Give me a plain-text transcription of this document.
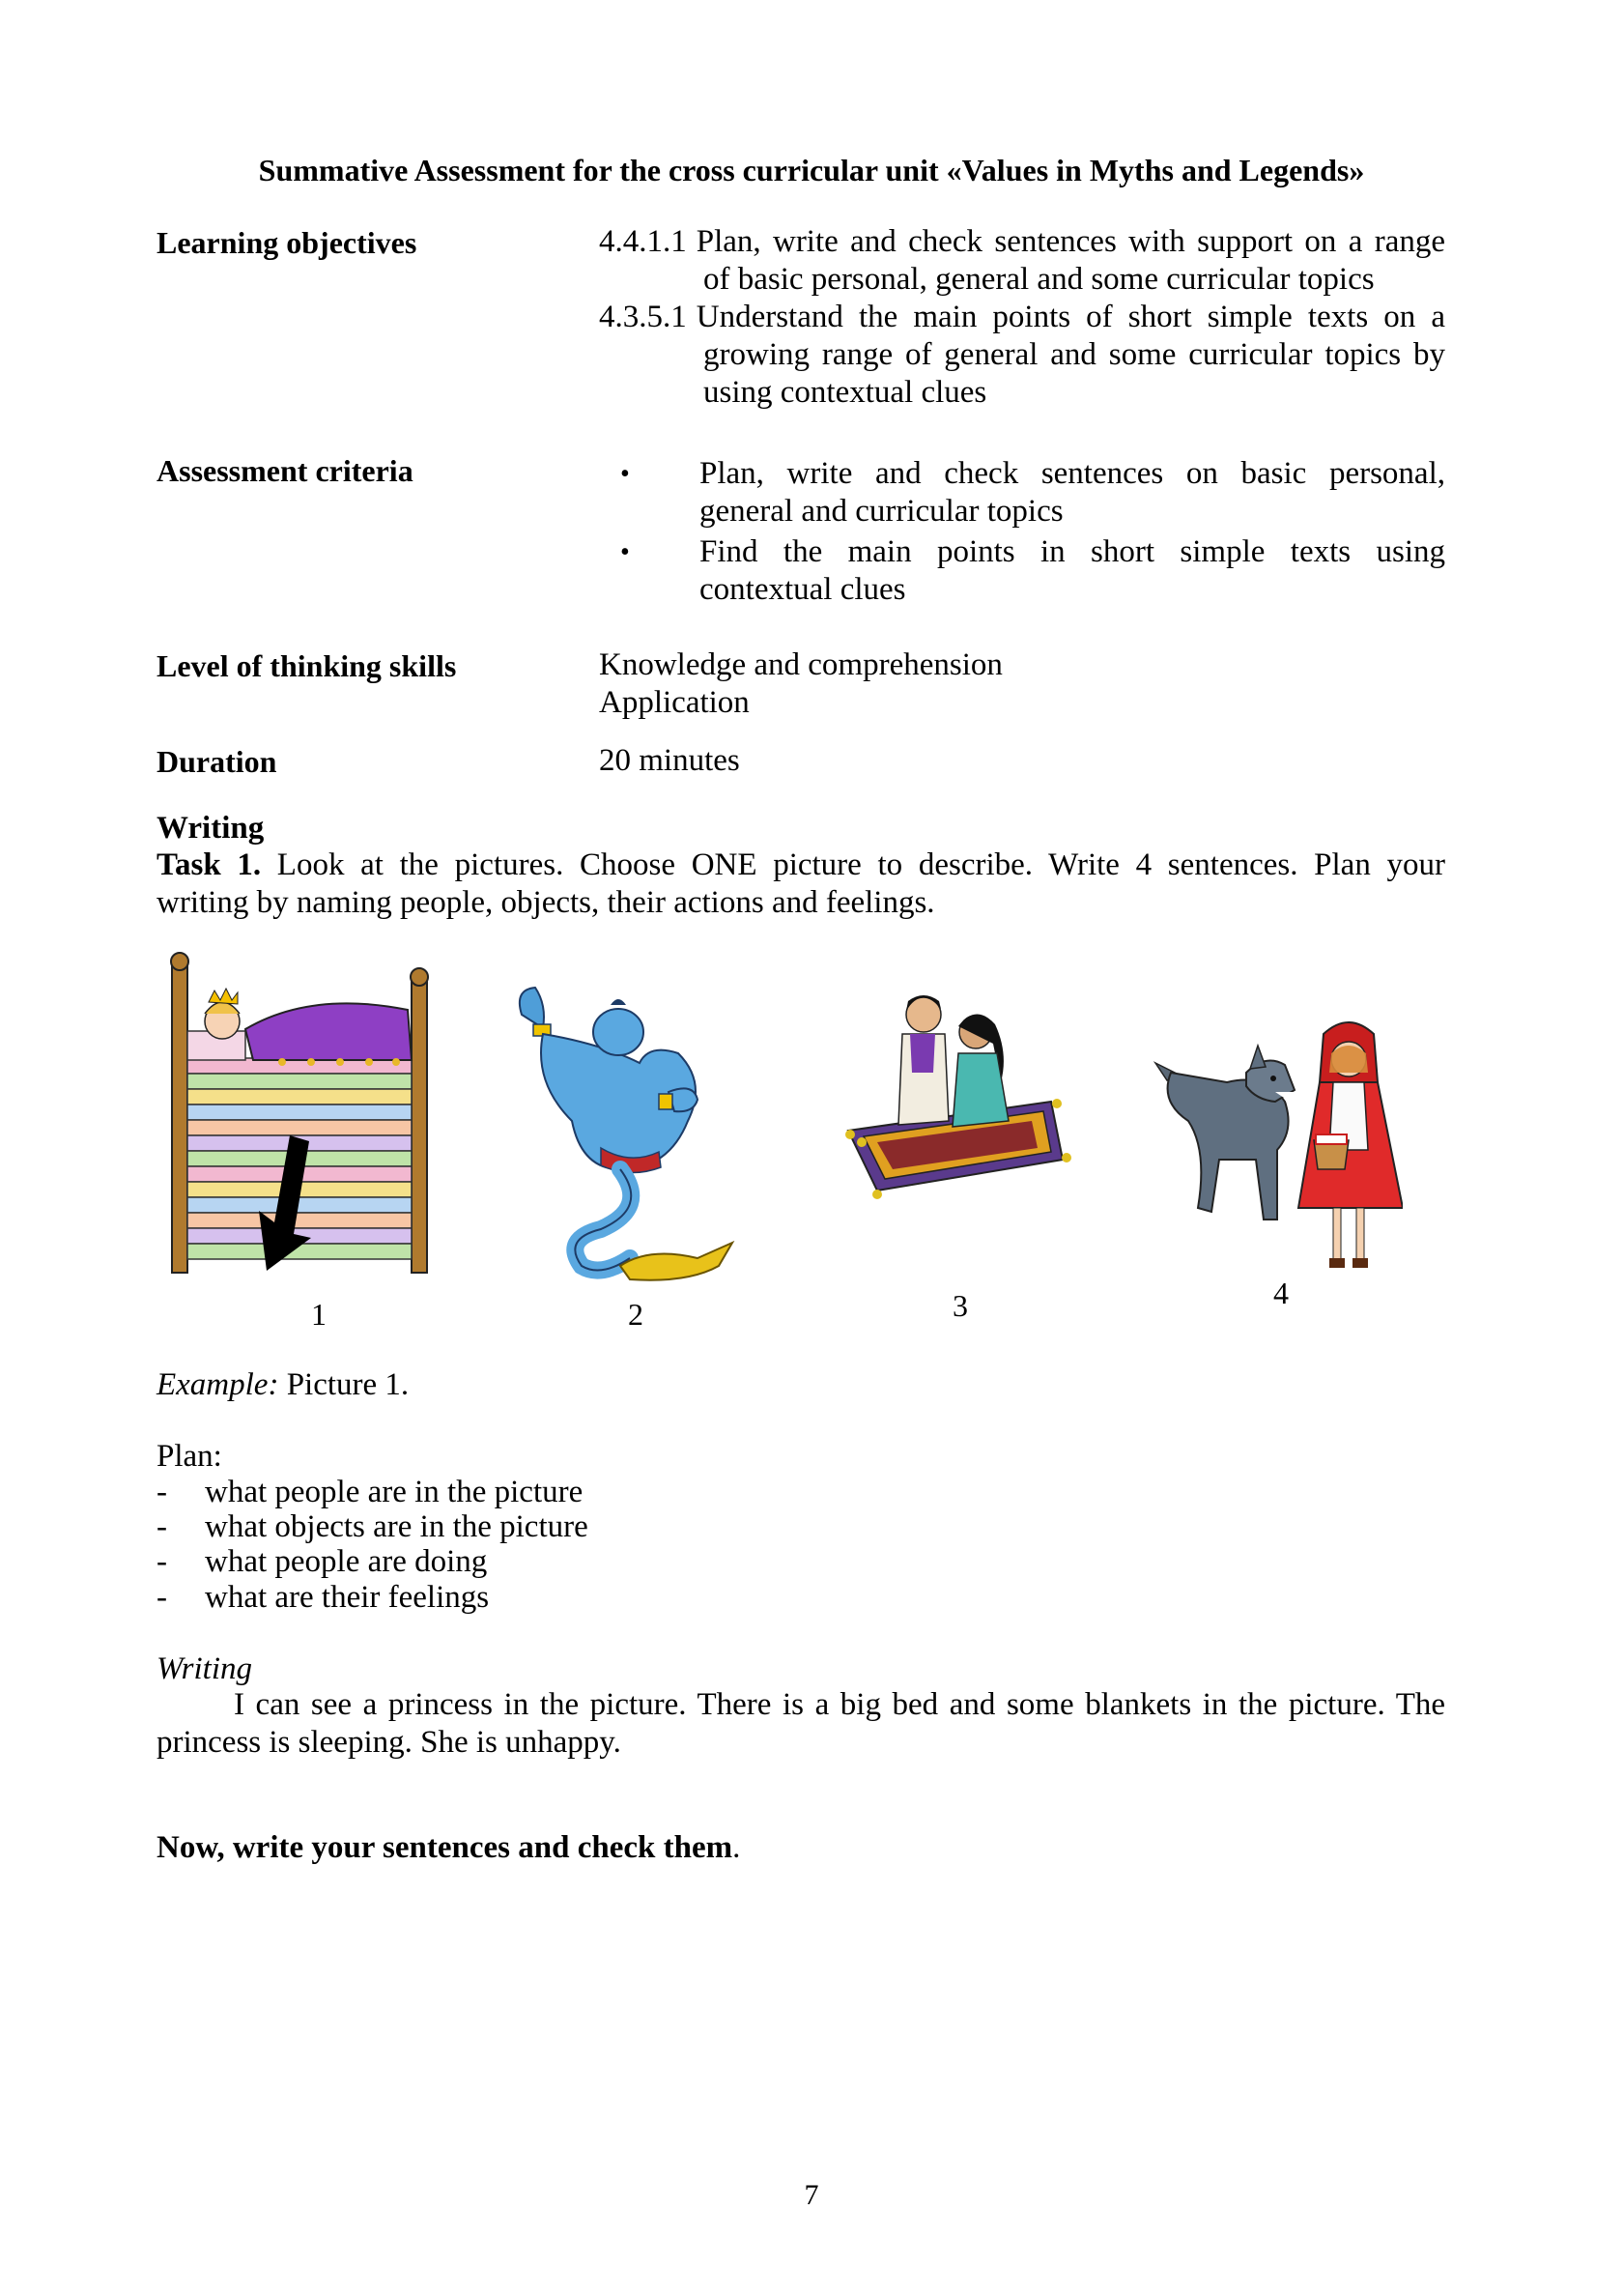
Summative Assessment for the cross curricular unit «Values in Myths and Legends»
Learning objectives	4.4.1.1 Plan, write and check sentences with support on a range
of basic personal, general and some curricular topics
4.3.5.1 Understand the main points of short simple texts on a
growing range of general and some curricular topics by
using contextual clues
Assessment criteria	• Plan, write and check sentences on basic personal,
general and curricular topics
• Find the main points in short simple texts using
contextual clues
Level of thinking skills	Knowledge and comprehension
Application
Duration	20 minutes
Writing
Task 1. Look at the pictures. Choose ONE picture to describe. Write 4 sentences. Plan your
writing by naming people, objects, their actions and feelings.
1	2	3	4
Example: Picture 1.
Plan:
- what people are in the picture
- what objects are in the picture
- what people are doing
- what are their feelings
Writing
I can see a princess in the picture. There is a big bed and some blankets in the picture. The
princess is sleeping. She is unhappy.
Now, write your sentences and check them.
7
